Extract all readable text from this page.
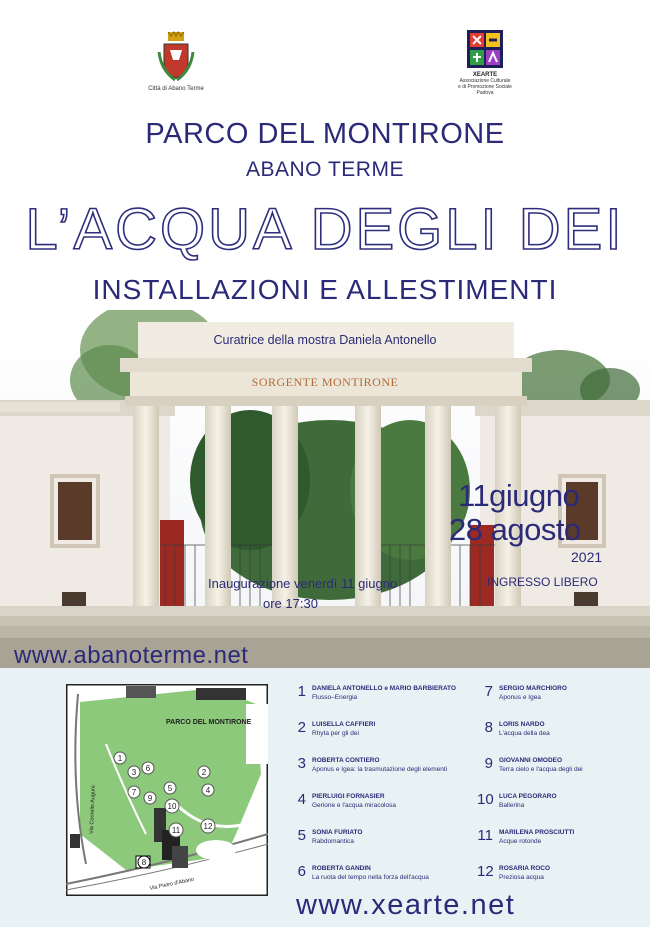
Città di Abano Terme
XEARTE
Associazione Culturale
e di Promozione Sociale
Padova
PARCO DEL MONTIRONE
ABANO TERME
L’ACQUA DEGLI DEI
INSTALLAZIONI E ALLESTIMENTI
Curatrice della mostra Daniela Antonello
SORGENTE MONTIRONE
11giugno
28 agosto
2021
INGRESSO LIBERO
Inaugurazione venerdì 11 giugno
ore 17:30
www.abanoterme.net
PARCO DEL MONTIRONE
Via Cornelio Augure
Via Pietro d'Abano
1
3 6
7
9
5
2
4
10
11	12
8
1 DANIELA ANTONELLO e MARIO BARBIERATO
Flusso–Energia
2 LUISELLA CAFFIERI
Rhyta per gli dei
3 ROBERTA CONTIERO
Aponus e Igea: la trasmutazione degli elementi
4 PIERLUIGI FORNASIER
Gerione e l'acqua miracolosa
5 SONIA FURIATO
Rabdomantica
6 ROBERTA GANDIN
La ruota del tempo nella forza dell'acqua
7 SERGIO MARCHIORO
Aponus e Igea
8 LORIS NARDO
L'acqua della dea
9 GIOVANNI OMODEO
Terra cielo e l'acqua degli dei
10 LUCA PEGORARO
Ballerina
11 MARILENA PROSCIUTTI
Acque rotonde
12 ROSARIA ROCO
Preziosa acqua
www.xearte.net
